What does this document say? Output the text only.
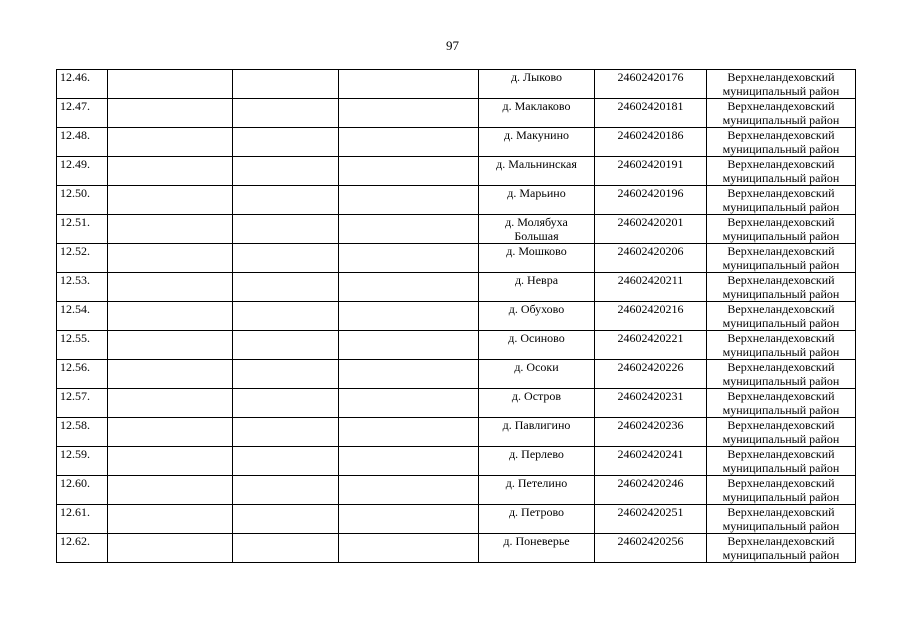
97
12.46.				д. Лыково	24602420176	Верхнеландеховский муниципальный район
12.47.				д. Маклаково	24602420181	Верхнеландеховский муниципальный район
12.48.				д. Макунино	24602420186	Верхнеландеховский муниципальный район
12.49.				д. Мальнинская	24602420191	Верхнеландеховский муниципальный район
12.50.				д. Марьино	24602420196	Верхнеландеховский муниципальный район
12.51.				д. Молябуха Большая	24602420201	Верхнеландеховский муниципальный район
12.52.				д. Мошково	24602420206	Верхнеландеховский муниципальный район
12.53.				д. Невра	24602420211	Верхнеландеховский муниципальный район
12.54.				д. Обухово	24602420216	Верхнеландеховский муниципальный район
12.55.				д. Осиново	24602420221	Верхнеландеховский муниципальный район
12.56.				д. Осоки	24602420226	Верхнеландеховский муниципальный район
12.57.				д. Остров	24602420231	Верхнеландеховский муниципальный район
12.58.				д. Павлигино	24602420236	Верхнеландеховский муниципальный район
12.59.				д. Перлево	24602420241	Верхнеландеховский муниципальный район
12.60.				д. Петелино	24602420246	Верхнеландеховский муниципальный район
12.61.				д. Петрово	24602420251	Верхнеландеховский муниципальный район
12.62.				д. Поневерье	24602420256	Верхнеландеховский муниципальный район
